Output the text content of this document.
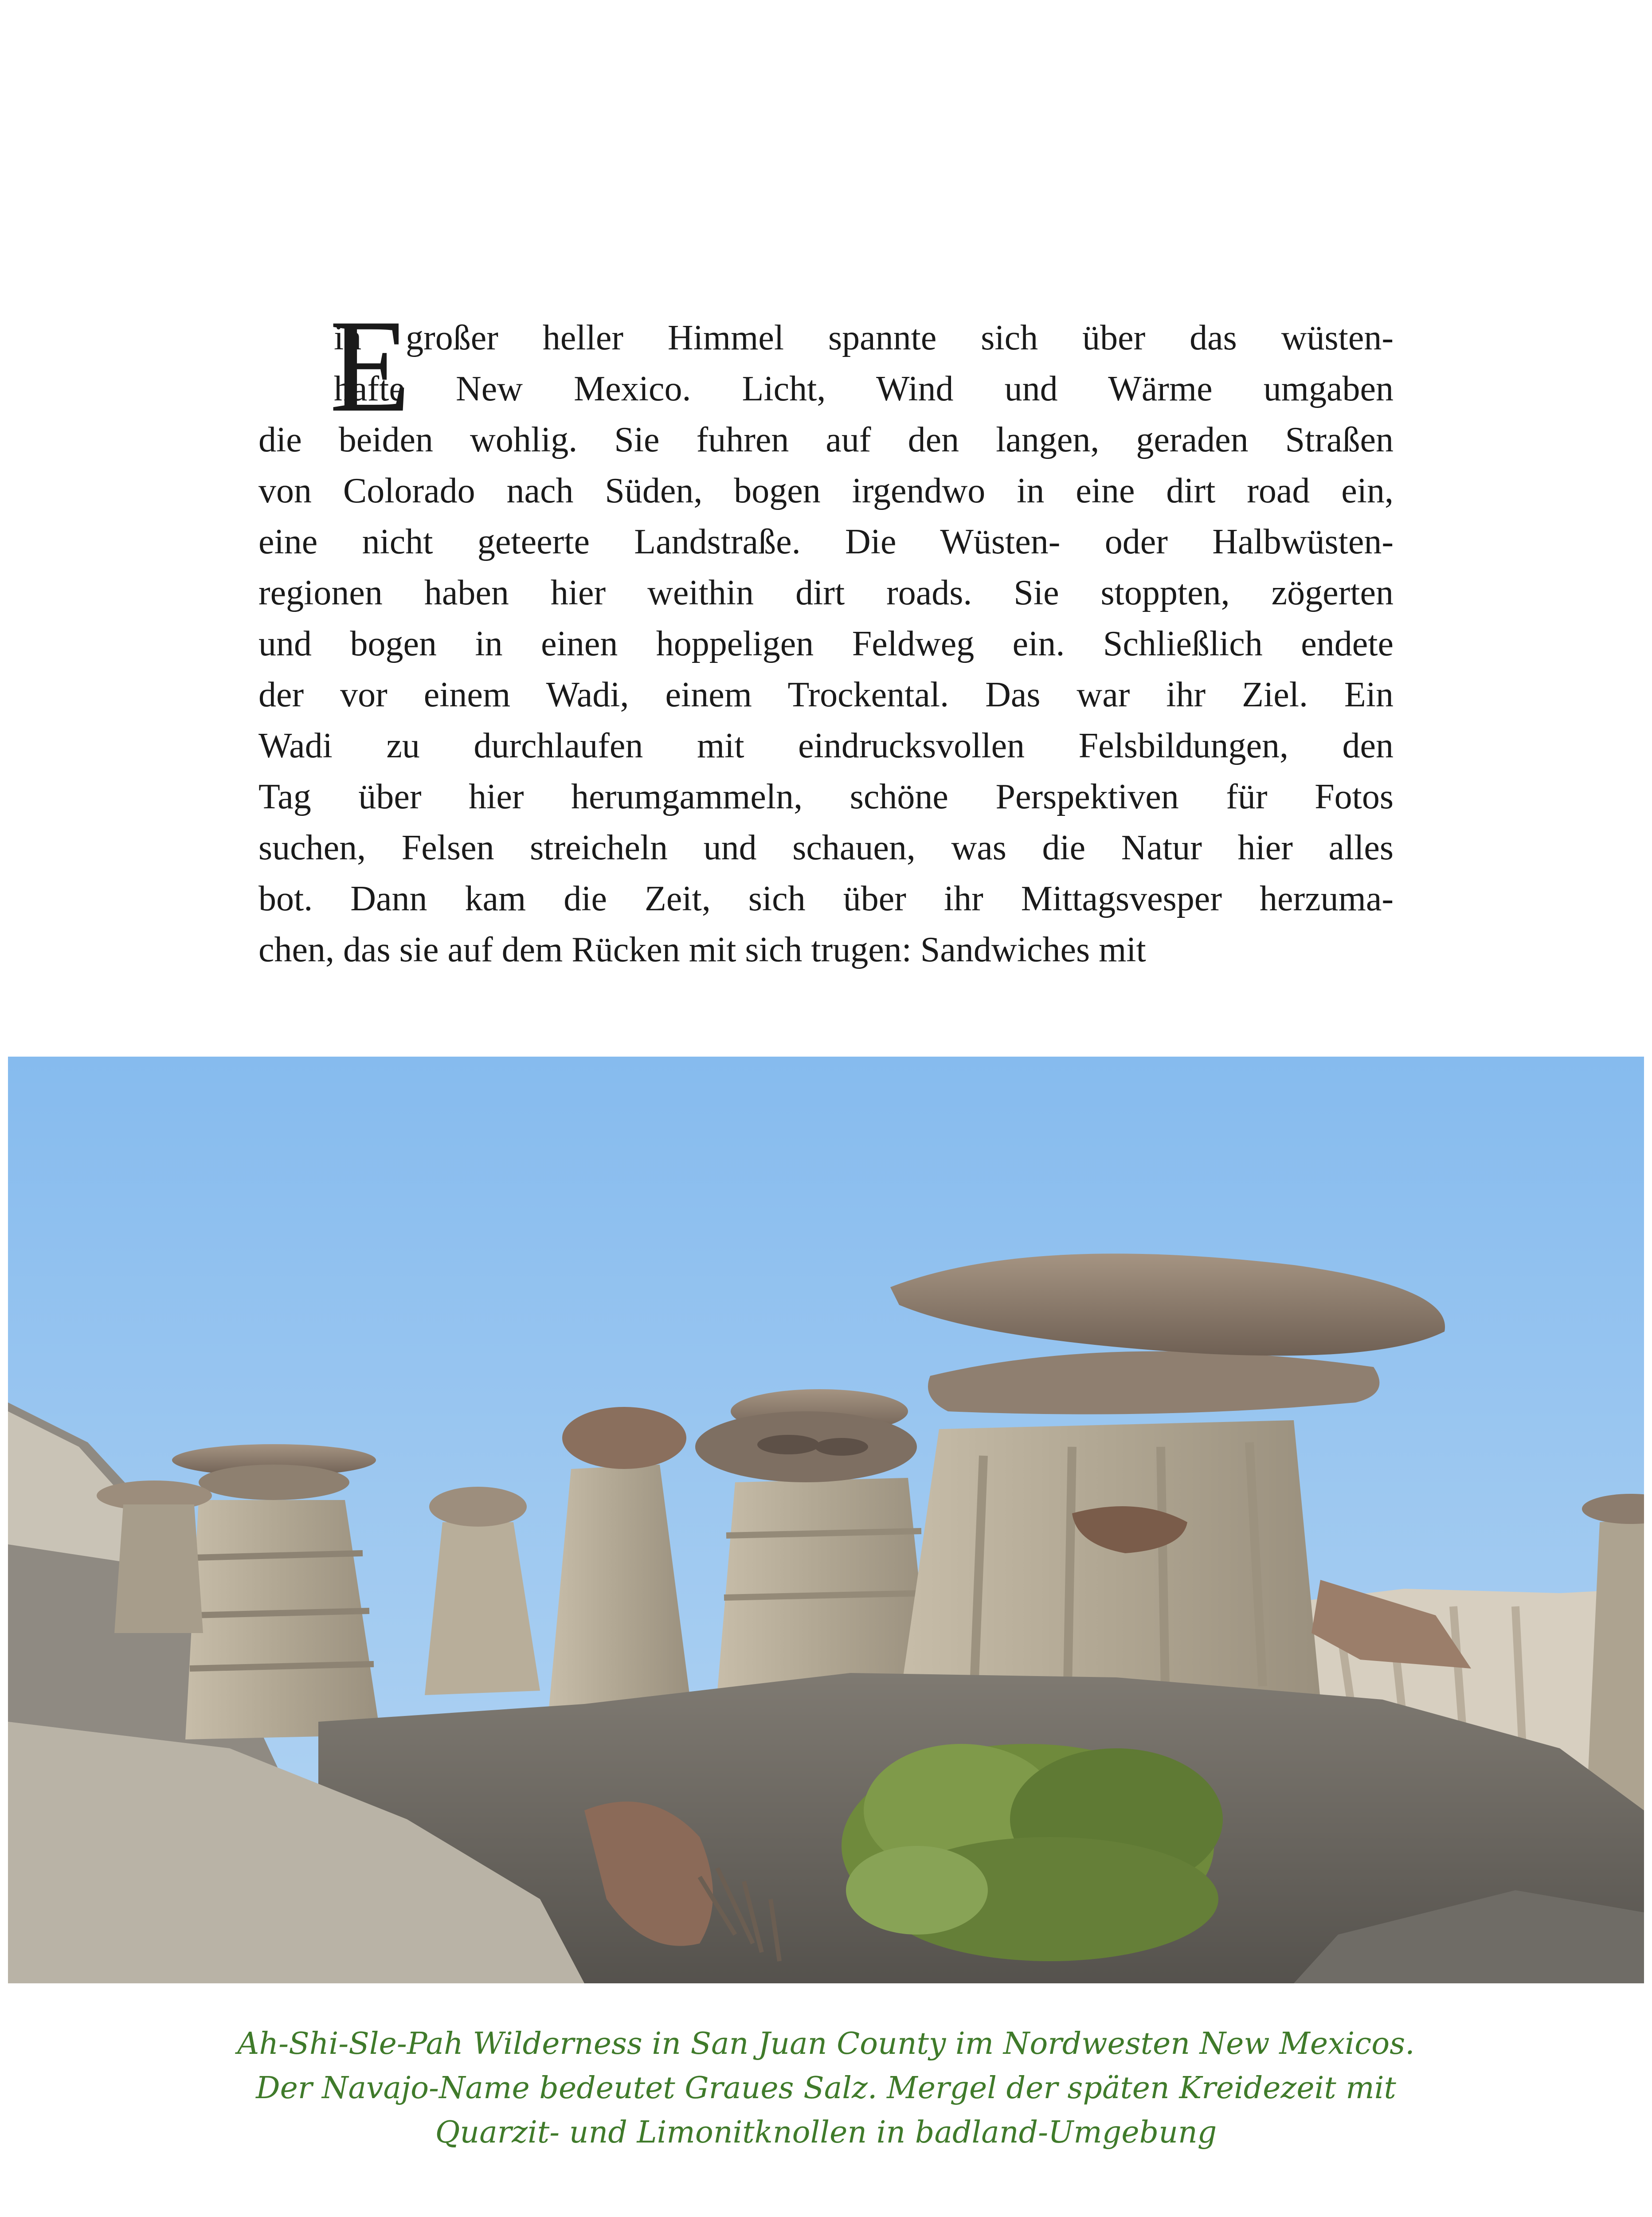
E
in großer heller Himmel spannte sich über das wüsten-
hafte New Mexico. Licht, Wind und Wärme umgaben
die beiden wohlig. Sie fuhren auf den langen, geraden Straßen
von Colorado nach Süden, bogen irgendwo in eine dirt road ein,
eine nicht geteerte Landstraße. Die Wüsten- oder Halbwüsten-
regionen haben hier weithin dirt roads. Sie stoppten, zögerten
und bogen in einen hoppeligen Feldweg ein. Schließlich endete
der vor einem Wadi, einem Trockental. Das war ihr Ziel. Ein
Wadi zu durchlaufen mit eindrucksvollen Felsbildungen, den
Tag über hier herumgammeln, schöne Perspektiven für Fotos
suchen, Felsen streicheln und schauen, was die Natur hier alles
bot. Dann kam die Zeit, sich über ihr Mittagsvesper herzuma-
chen, das sie auf dem Rücken mit sich trugen: Sandwiches mit
Ah-Shi-Sle-Pah Wilderness in San Juan County im Nordwesten New Mexicos.
Der Navajo-Name bedeutet Graues Salz. Mergel der späten Kreidezeit mit
Quarzit- und Limonitknollen in badland-Umgebung
